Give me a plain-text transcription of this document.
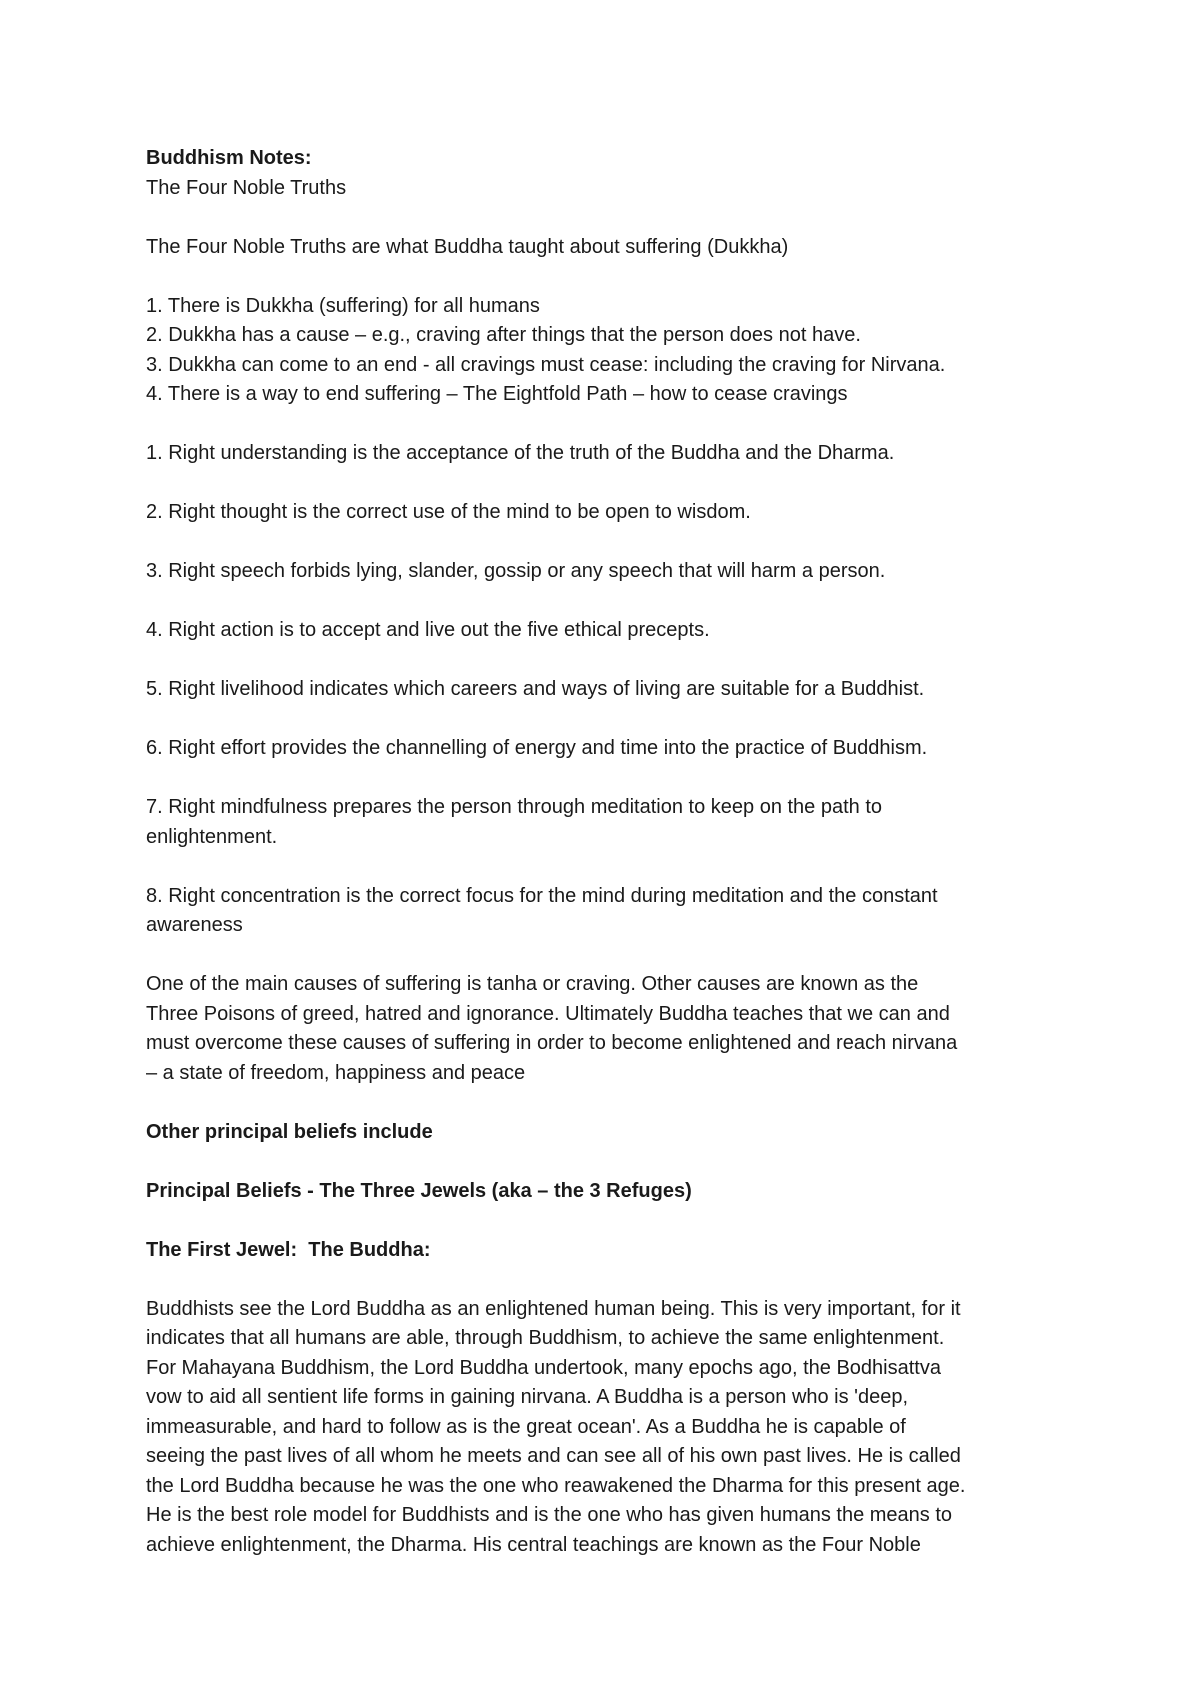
Buddhism Notes:
The Four Noble Truths
The Four Noble Truths are what Buddha taught about suffering (Dukkha)
1. There is Dukkha (suffering) for all humans
2. Dukkha has a cause – e.g., craving after things that the person does not have.
3. Dukkha can come to an end - all cravings must cease: including the craving for Nirvana.
4. There is a way to end suffering – The Eightfold Path – how to cease cravings
1. Right understanding is the acceptance of the truth of the Buddha and the Dharma.
2. Right thought is the correct use of the mind to be open to wisdom.
3. Right speech forbids lying, slander, gossip or any speech that will harm a person.
4. Right action is to accept and live out the five ethical precepts.
5. Right livelihood indicates which careers and ways of living are suitable for a Buddhist.
6. Right effort provides the channelling of energy and time into the practice of Buddhism.
7. Right mindfulness prepares the person through meditation to keep on the path to
enlightenment.
8. Right concentration is the correct focus for the mind during meditation and the constant
awareness
One of the main causes of suffering is tanha or craving. Other causes are known as the
Three Poisons of greed, hatred and ignorance. Ultimately Buddha teaches that we can and
must overcome these causes of suffering in order to become enlightened and reach nirvana
– a state of freedom, happiness and peace
Other principal beliefs include
Principal Beliefs - The Three Jewels (aka – the 3 Refuges)
The First Jewel:  The Buddha:
Buddhists see the Lord Buddha as an enlightened human being. This is very important, for it
indicates that all humans are able, through Buddhism, to achieve the same enlightenment.
For Mahayana Buddhism, the Lord Buddha undertook, many epochs ago, the Bodhisattva
vow to aid all sentient life forms in gaining nirvana. A Buddha is a person who is 'deep,
immeasurable, and hard to follow as is the great ocean'. As a Buddha he is capable of
seeing the past lives of all whom he meets and can see all of his own past lives. He is called
the Lord Buddha because he was the one who reawakened the Dharma for this present age.
He is the best role model for Buddhists and is the one who has given humans the means to
achieve enlightenment, the Dharma. His central teachings are known as the Four Noble
